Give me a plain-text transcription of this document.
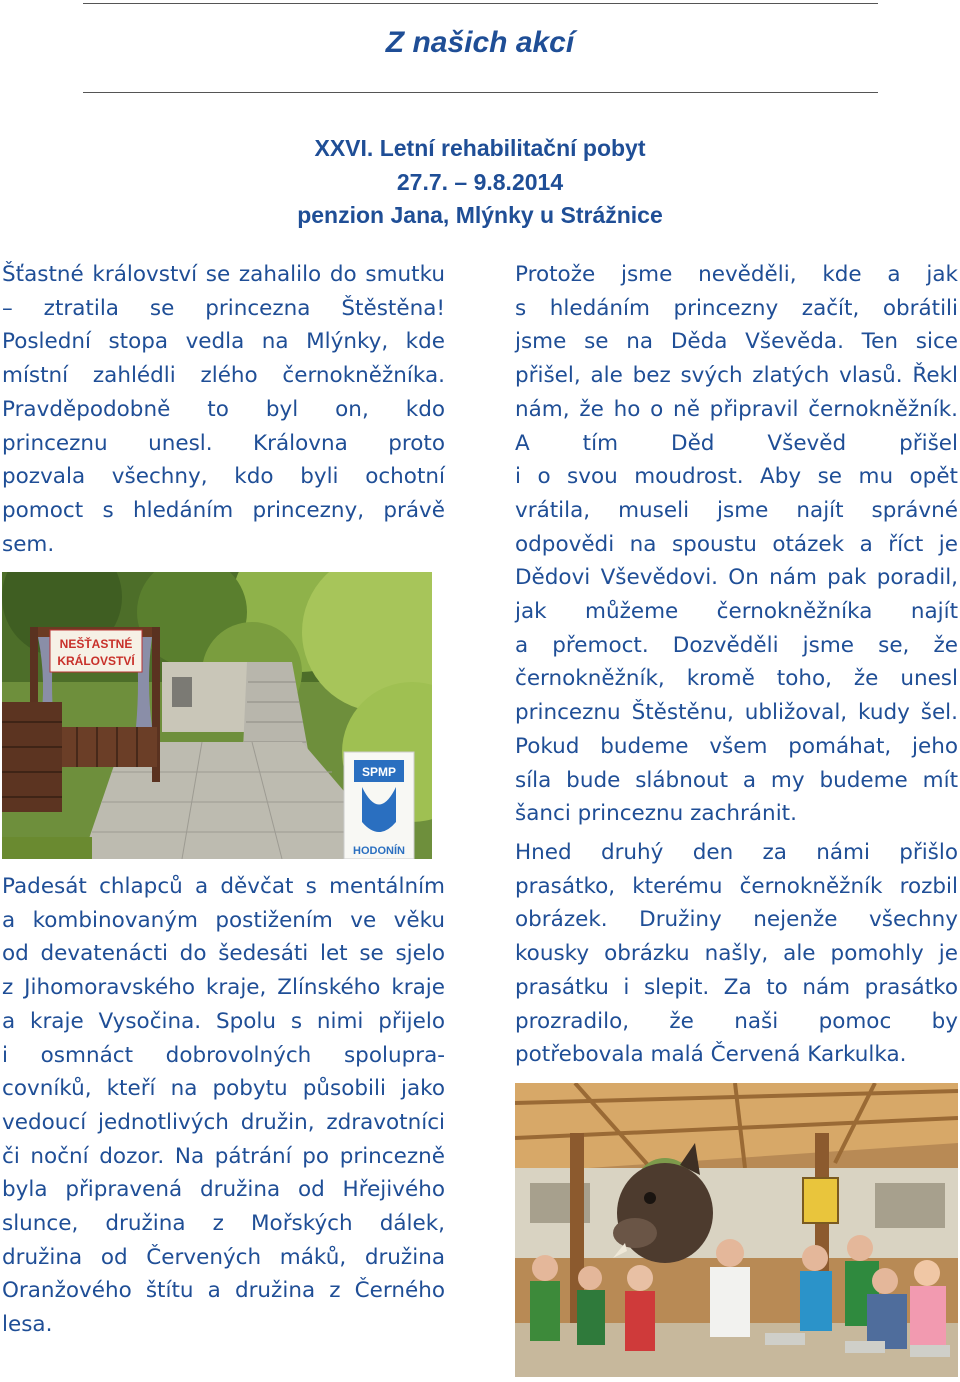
Z našich akcí
XXVI. Letní rehabilitační pobyt
27.7. – 9.8.2014
penzion Jana, Mlýnky u Strážnice
Šťastné království se zahalilo do smutku
– ztratila se princezna Štěstěna!
Poslední stopa vedla na Mlýnky, kde
místní zahlédli zlého černokněžníka.
Pravděpodobně to byl on, kdo
princeznu unesl. Královna proto
pozvala všechny, kdo byli ochotní
pomoct s hledáním princezny, právě
sem.
NEŠŤASTNÉ
KRÁLOVSTVÍ
SPMP
HODONÍN
Padesát chlapců a děvčat s mentálním
a kombinovaným postižením ve věku
od devatenácti do šedesáti let se sjelo
z Jihomoravského kraje, Zlínského kraje
a kraje Vysočina. Spolu s nimi přijelo
i osmnáct dobrovolných spolupra-
covníků, kteří na pobytu působili jako
vedoucí jednotlivých družin, zdravotníci
či noční dozor. Na pátrání po princezně
byla připravená družina od Hřejivého
slunce, družina z Mořských dálek,
družina od Červených máků, družina
Oranžového štítu a družina z Černého
lesa.
Protože jsme nevěděli, kde a jak
s hledáním princezny začít, obrátili
jsme se na Děda Vševěda. Ten sice
přišel, ale bez svých zlatých vlasů. Řekl
nám, že ho o ně připravil černokněžník.
A tím Děd Vševěd přišel
i o svou moudrost. Aby se mu opět
vrátila, museli jsme najít správné
odpovědi na spoustu otázek a říct je
Dědovi Vševědovi. On nám pak poradil,
jak můžeme černokněžníka najít
a přemoct. Dozvěděli jsme se, že
černokněžník, kromě toho, že unesl
princeznu Štěstěnu, ubližoval, kudy šel.
Pokud budeme všem pomáhat, jeho
síla bude slábnout a my budeme mít
šanci princeznu zachránit.
Hned druhý den za námi přišlo
prasátko, kterému černokněžník rozbil
obrázek. Družiny nejenže všechny
kousky obrázku našly, ale pomohly je
prasátku i slepit. Za to nám prasátko
prozradilo, že naši pomoc by
potřebovala malá Červená Karkulka.
